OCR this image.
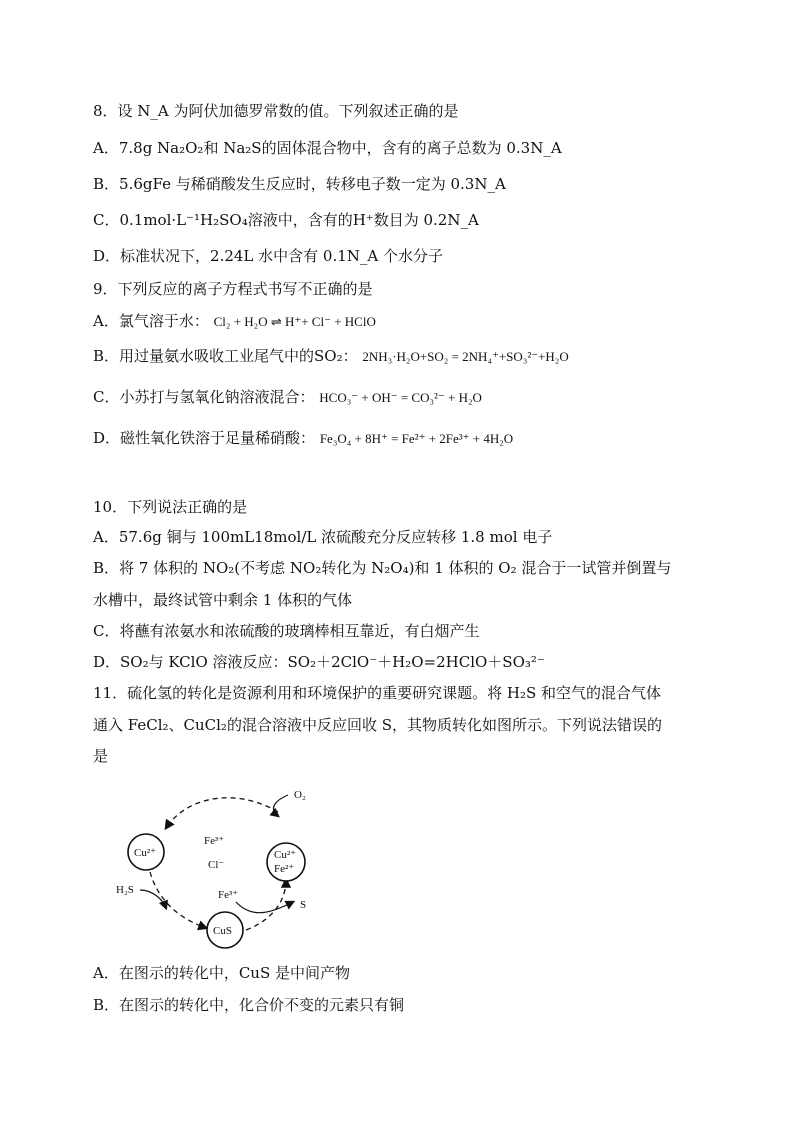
8．设 N_A 为阿伏加德罗常数的值。下列叙述正确的是
A．7.8g Na₂O₂和 Na₂S的固体混合物中，含有的离子总数为 0.3N_A
B．5.6gFe 与稀硝酸发生反应时，转移电子数一定为 0.3N_A
C．0.1mol·L⁻¹H₂SO₄溶液中，含有的H⁺数目为 0.2N_A
D．标准状况下，2.24L 水中含有 0.1N_A 个水分子
9．下列反应的离子方程式书写不正确的是
A．氯气溶于水： Cl₂ + H₂O ⇌ H⁺+ Cl⁻ + HClO
B．用过量氨水吸收工业尾气中的SO₂： 2NH₃·H₂O+SO₂ = 2NH₄⁺+SO₃²⁻+H₂O
C．小苏打与氢氧化钠溶液混合： HCO₃⁻ + OH⁻ = CO₃²⁻ + H₂O
D．磁性氧化铁溶于足量稀硝酸： Fe₃O₄ + 8H⁺ = Fe²⁺ + 2Fe³⁺ + 4H₂O
10．下列说法正确的是
A．57.6g 铜与 100mL18mol/L 浓硫酸充分反应转移 1.8 mol 电子
B．将 7 体积的 NO₂(不考虑 NO₂转化为 N₂O₄)和 1 体积的 O₂ 混合于一试管并倒置与
水槽中，最终试管中剩余 1 体积的气体
C．将蘸有浓氨水和浓硫酸的玻璃棒相互靠近，有白烟产生
D．SO₂与 KClO 溶液反应：SO₂＋2ClO⁻＋H₂O=2HClO＋SO₃²⁻
11．硫化氢的转化是资源利用和环境保护的重要研究课题。将 H₂S 和空气的混合气体
通入 FeCl₂、CuCl₂的混合溶液中反应回收 S，其物质转化如图所示。下列说法错误的
是
Cu²⁺	Cu²⁺
Fe²⁺
CuS
O₂
Fe³⁺
Cl⁻
H₂S	Fe³⁺
S
A．在图示的转化中，CuS 是中间产物
B．在图示的转化中，化合价不变的元素只有铜
